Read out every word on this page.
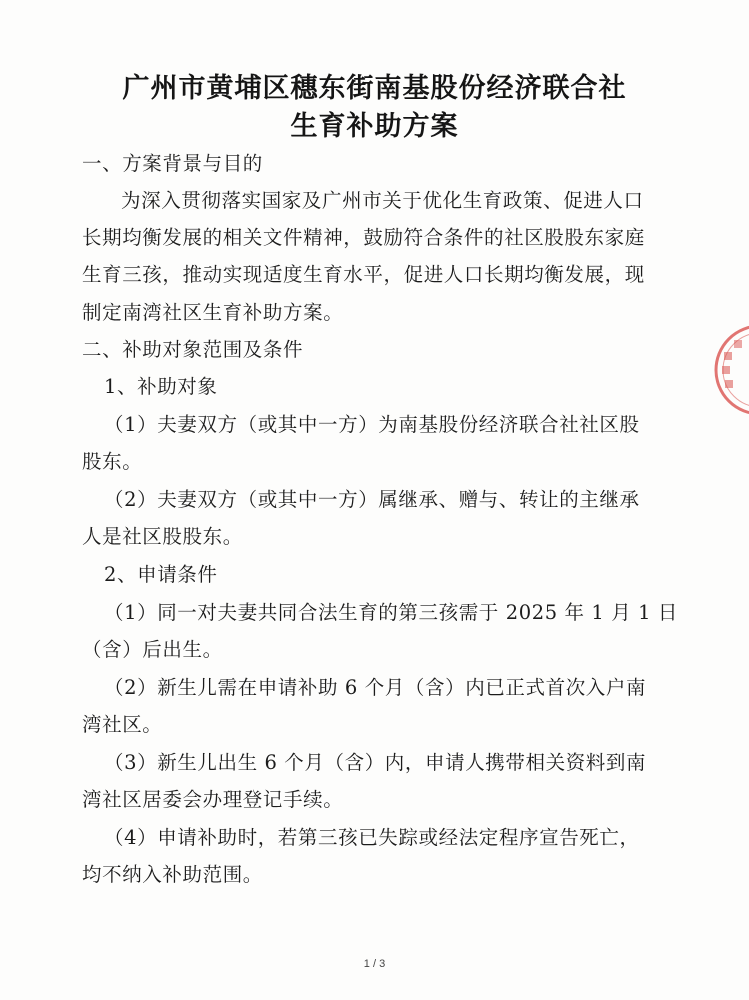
广州市黄埔区穗东街南基股份经济联合社
生育补助方案
一、方案背景与目的
为深入贯彻落实国家及广州市关于优化生育政策、促进人口
长期均衡发展的相关文件精神，鼓励符合条件的社区股股东家庭
生育三孩，推动实现适度生育水平，促进人口长期均衡发展，现
制定南湾社区生育补助方案。
二、补助对象范围及条件
1、补助对象
（1）夫妻双方（或其中一方）为南基股份经济联合社社区股
股东。
（2）夫妻双方（或其中一方）属继承、赠与、转让的主继承
人是社区股股东。
2、申请条件
（1）同一对夫妻共同合法生育的第三孩需于 2025 年 1 月 1 日
（含）后出生。
（2）新生儿需在申请补助 6 个月（含）内已正式首次入户南
湾社区。
（3）新生儿出生 6 个月（含）内，申请人携带相关资料到南
湾社区居委会办理登记手续。
（4）申请补助时，若第三孩已失踪或经法定程序宣告死亡，
均不纳入补助范围。
1 / 3
